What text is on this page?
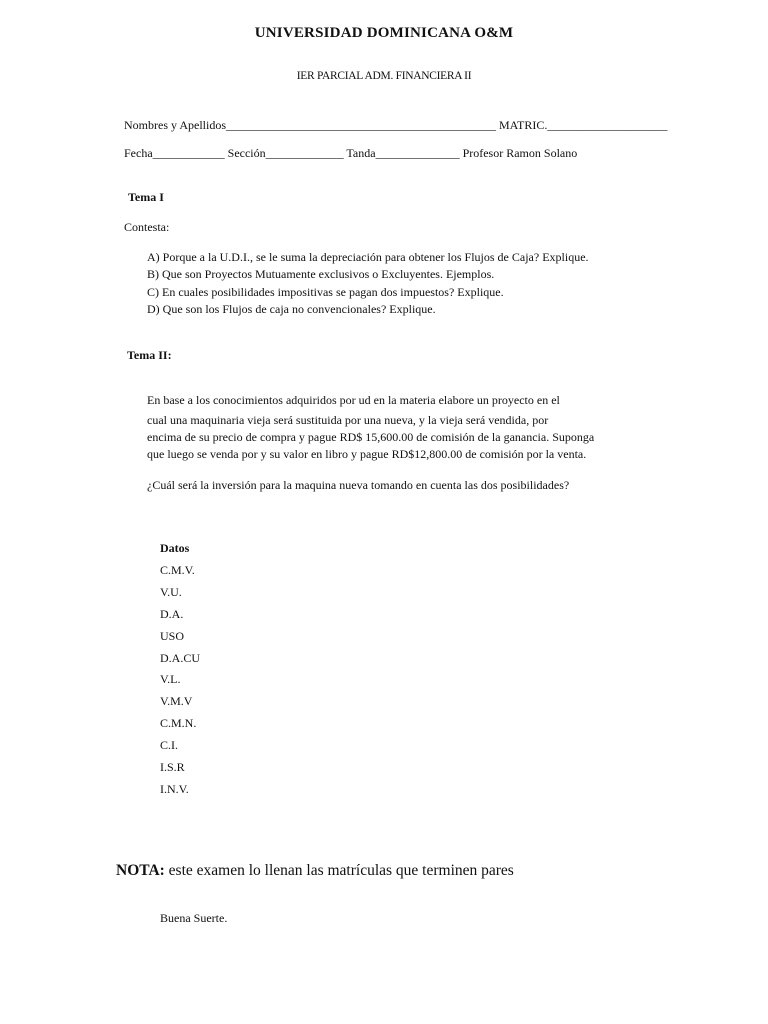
UNIVERSIDAD DOMINICANA O&M
IER PARCIAL ADM. FINANCIERA II
Nombres y Apellidos_____________________________________________ MATRIC.____________________
Fecha____________ Sección_____________ Tanda______________ Profesor Ramon Solano
Tema I
Contesta:
A) Porque a la U.D.I., se le suma la depreciación para obtener los Flujos de Caja? Explique.
B) Que son Proyectos Mutuamente exclusivos o Excluyentes. Ejemplos.
C) En cuales posibilidades impositivas se pagan dos impuestos? Explique.
D) Que son los Flujos de caja no convencionales? Explique.
Tema II:
En base a los conocimientos adquiridos por ud en la materia elabore un proyecto en el
cual una maquinaria vieja será sustituida por una nueva, y la vieja será vendida, por
encima de su precio de compra y pague RD$ 15,600.00 de comisión de la ganancia. Suponga
que luego se venda por y su valor en libro y pague RD$12,800.00 de comisión por la venta.
¿Cuál será la inversión para la maquina nueva tomando en cuenta las dos posibilidades?
Datos
C.M.V.
V.U.
D.A.
USO
D.A.CU
V.L.
V.M.V
C.M.N.
C.I.
I.S.R
I.N.V.
NOTA: este examen lo llenan las matrículas que terminen pares
Buena Suerte.
